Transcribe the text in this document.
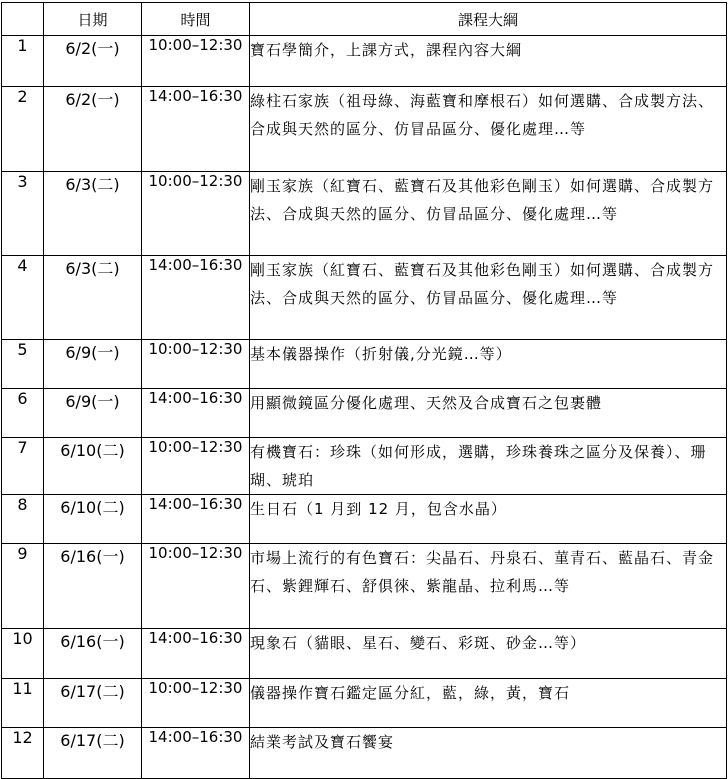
	日期	時間	課程大綱
1	6/2(一)	10:00–12:30	寶石學簡介，上課方式，課程內容大綱
2	6/2(一)	14:00–16:30	綠柱石家族（祖母綠、海藍寶和摩根石）如何選購、合成製方法、合成與天然的區分、仿冒品區分、優化處理…等
3	6/3(二)	10:00–12:30	剛玉家族（紅寶石、藍寶石及其他彩色剛玉）如何選購、合成製方法、合成與天然的區分、仿冒品區分、優化處理…等
4	6/3(二)	14:00–16:30	剛玉家族（紅寶石、藍寶石及其他彩色剛玉）如何選購、合成製方法、合成與天然的區分、仿冒品區分、優化處理…等
5	6/9(一)	10:00–12:30	基本儀器操作（折射儀,分光鏡…等）
6	6/9(一)	14:00–16:30	用顯微鏡區分優化處理、天然及合成寶石之包裹體
7	6/10(二)	10:00–12:30	有機寶石：珍珠（如何形成，選購，珍珠養珠之區分及保養）、珊瑚、琥珀
8	6/10(二)	14:00–16:30	生日石（1 月到 12 月，包含水晶）
9	6/16(一)	10:00–12:30	市場上流行的有色寶石：尖晶石、丹泉石、菫青石、藍晶石、青金石、紫鋰輝石、舒俱徠、紫龍晶、拉利馬…等
10	6/16(一)	14:00–16:30	現象石（貓眼、星石、變石、彩斑、砂金…等）
11	6/17(二)	10:00–12:30	儀器操作寶石鑑定區分紅，藍，綠，黃，寶石
12	6/17(二)	14:00–16:30	結業考試及寶石饗宴
